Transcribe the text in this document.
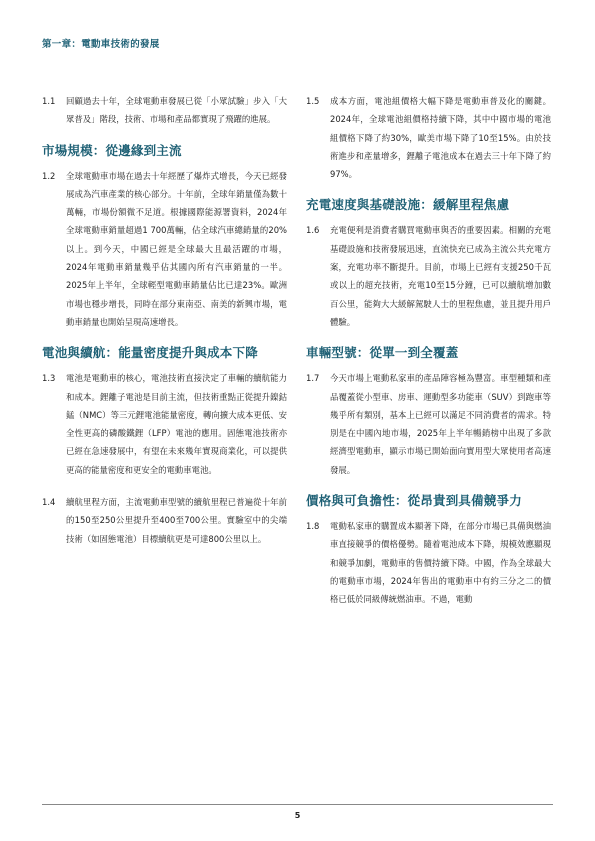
第一章：電動車技術的發展
1.1	回顧過去十年，全球電動車發展已從「小眾試驗」步入「大眾普及」階段，技術、市場和產品都實現了飛躍的進展。
市場規模：從邊緣到主流
1.2	全球電動車市場在過去十年經歷了爆炸式增長，今天已經發展成為汽車產業的核心部分。十年前，全球年銷量僅為數十萬輛，市場份額微不足道。根據國際能源署資料，2024年全球電動車銷量超過1 700萬輛，佔全球汽車總銷量的20%以上。到今天，中國已經是全球最大且最活躍的市場，2024年電動車銷量幾乎佔其國內所有汽車銷量的一半。2025年上半年，全球輕型電動車銷量佔比已達23%。歐洲市場也穩步增長，同時在部分東南亞、南美的新興市場，電動車銷量也開始呈現高速增長。
電池與續航：能量密度提升與成本下降
1.3	電池是電動車的核心，電池技術直接決定了車輛的續航能力和成本。鋰離子電池是目前主流，但技術重點正從提升鎳鈷錳（NMC）等三元鋰電池能量密度，轉向擴大成本更低、安全性更高的磷酸鐵鋰（LFP）電池的應用。固態電池技術亦已經在急速發展中，有望在未來幾年實現商業化，可以提供更高的能量密度和更安全的電動車電池。
1.4	續航里程方面，主流電動車型號的續航里程已普遍從十年前的150至250公里提升至400至700公里。實驗室中的尖端技術（如固態電池）目標續航更是可達800公里以上。
1.5	成本方面，電池組價格大幅下降是電動車普及化的關鍵。2024年，全球電池組價格持續下降，其中中國市場的電池組價格下降了約30%，歐美市場下降了10至15%。由於技術進步和產量增多，鋰離子電池成本在過去三十年下降了約97%。
充電速度與基礎設施：緩解里程焦慮
1.6	充電便利是消費者購買電動車與否的重要因素。相關的充電基礎設施和技術發展迅速，直流快充已成為主流公共充電方案，充電功率不斷提升。目前，市場上已經有支援250千瓦或以上的超充技術，充電10至15分鐘，已可以續航增加數百公里，能夠大大緩解駕駛人士的里程焦慮，並且提升用戶體驗。
車輛型號：從單一到全覆蓋
1.7	今天市場上電動私家車的產品陣容極為豐富。車型種類和產品覆蓋從小型車、房車、運動型多功能車（SUV）到跑車等幾乎所有類別，基本上已經可以滿足不同消費者的需求。特別是在中國內地市場，2025年上半年暢銷榜中出現了多款經濟型電動車，顯示市場已開始面向實用型大眾使用者高速發展。
價格與可負擔性：從昂貴到具備競爭力
1.8	電動私家車的購置成本顯著下降，在部分市場已具備與燃油車直接競爭的價格優勢。隨着電池成本下降，規模效應顯現和競爭加劇，電動車的售價持續下降。中國，作為全球最大的電動車市場，2024年售出的電動車中有約三分之二的價格已低於同級傳統燃油車。不過，電動
5
